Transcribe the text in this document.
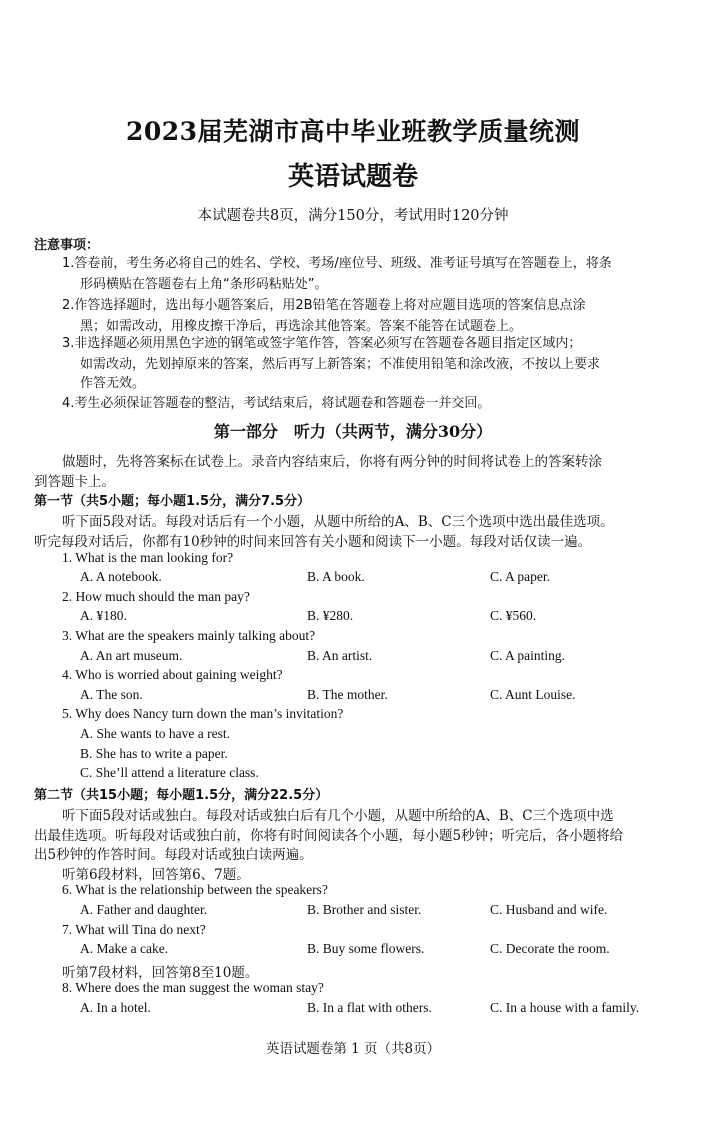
2023届芜湖市高中毕业班教学质量统测
英语试题卷
本试题卷共8页，满分150分，考试用时120分钟
注意事项：
1.答卷前，考生务必将自己的姓名、学校、考场/座位号、班级、准考证号填写在答题卷上，将条
形码横贴在答题卷右上角“条形码粘贴处”。
2.作答选择题时，选出每小题答案后，用2B铅笔在答题卷上将对应题目选项的答案信息点涂
黑；如需改动，用橡皮擦干净后，再选涂其他答案。答案不能答在试题卷上。
3.非选择题必须用黑色字迹的钢笔或签字笔作答，答案必须写在答题卷各题目指定区域内；
如需改动，先划掉原来的答案，然后再写上新答案；不准使用铅笔和涂改液，不按以上要求
作答无效。
4.考生必须保证答题卷的整洁，考试结束后，将试题卷和答题卷一并交回。
第一部分　听力（共两节，满分30分）
做题时，先将答案标在试卷上。录音内容结束后，你将有两分钟的时间将试卷上的答案转涂
到答题卡上。
第一节（共5小题；每小题1.5分，满分7.5分）
听下面5段对话。每段对话后有一个小题，从题中所给的A、B、C三个选项中选出最佳选项。
听完每段对话后，你都有10秒钟的时间来回答有关小题和阅读下一小题。每段对话仅读一遍。
1. What is the man looking for?
A. A notebook.	B. A book.	C. A paper.
2. How much should the man pay?
A. ¥180.	B. ¥280.	C. ¥560.
3. What are the speakers mainly talking about?
A. An art museum.	B. An artist.	C. A painting.
4. Who is worried about gaining weight?
A. The son.	B. The mother.	C. Aunt Louise.
5. Why does Nancy turn down the man’s invitation?
A. She wants to have a rest.
B. She has to write a paper.
C. She’ll attend a literature class.
第二节（共15小题；每小题1.5分，满分22.5分）
听下面5段对话或独白。每段对话或独白后有几个小题，从题中所给的A、B、C三个选项中选
出最佳选项。听每段对话或独白前，你将有时间阅读各个小题，每小题5秒钟；听完后，各小题将给
出5秒钟的作答时间。每段对话或独白读两遍。
听第6段材料，回答第6、7题。
6. What is the relationship between the speakers?
A. Father and daughter.	B. Brother and sister.	C. Husband and wife.
7. What will Tina do next?
A. Make a cake.	B. Buy some flowers.	C. Decorate the room.
听第7段材料，回答第8至10题。
8. Where does the man suggest the woman stay?
A. In a hotel.	B. In a flat with others.	C. In a house with a family.
英语试题卷第 1 页（共8页）
